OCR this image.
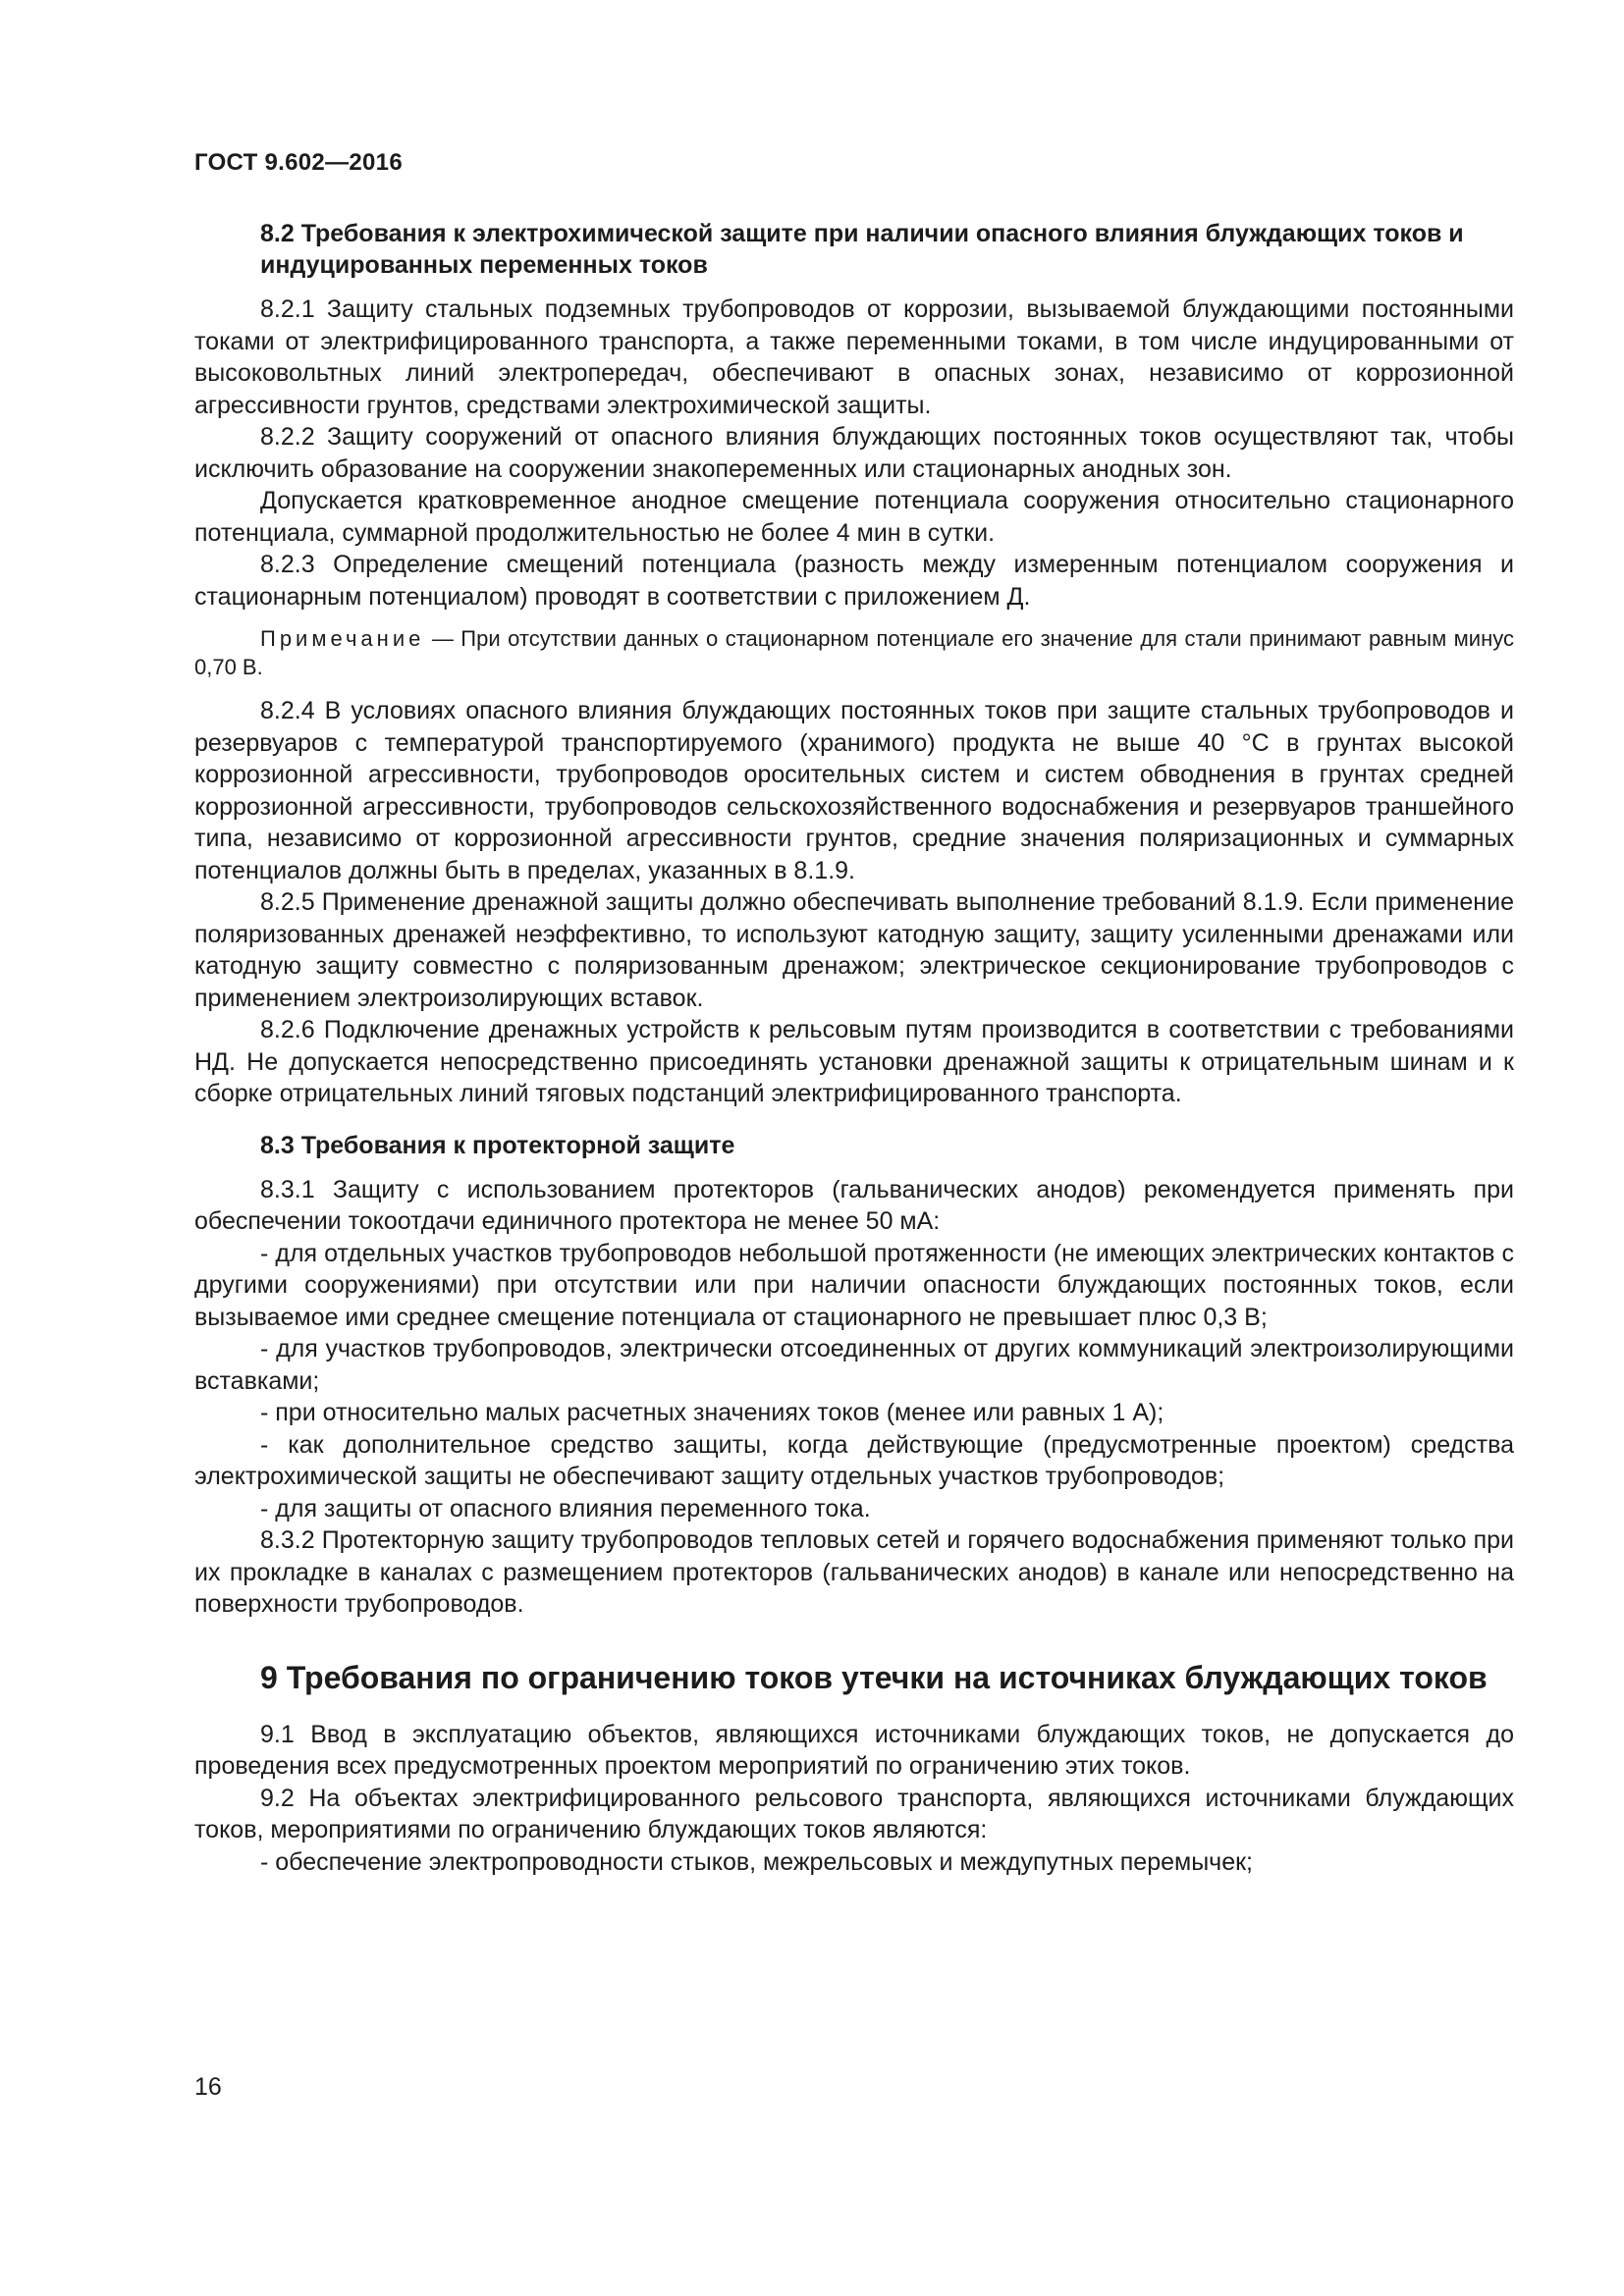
ГОСТ 9.602—2016
8.2 Требования к электрохимической защите при наличии опасного влияния блуждающих токов и индуцированных переменных токов

8.2.1 Защиту стальных подземных трубопроводов от коррозии, вызываемой блуждающими постоянными токами от электрифицированного транспорта, а также переменными токами, в том числе индуцированными от высоковольтных линий электропередач, обеспечивают в опасных зонах, независимо от коррозионной агрессивности грунтов, средствами электрохимической защиты.

8.2.2 Защиту сооружений от опасного влияния блуждающих постоянных токов осуществляют так, чтобы исключить образование на сооружении знакопеременных или стационарных анодных зон.

Допускается кратковременное анодное смещение потенциала сооружения относительно стационарного потенциала, суммарной продолжительностью не более 4 мин в сутки.

8.2.3 Определение смещений потенциала (разность между измеренным потенциалом сооружения и стационарным потенциалом) проводят в соответствии с приложением Д.

Примечание — При отсутствии данных о стационарном потенциале его значение для стали принимают равным минус 0,70 В.

8.2.4 В условиях опасного влияния блуждающих постоянных токов при защите стальных трубопроводов и резервуаров с температурой транспортируемого (хранимого) продукта не выше 40 °С в грунтах высокой коррозионной агрессивности, трубопроводов оросительных систем и систем обводнения в грунтах средней коррозионной агрессивности, трубопроводов сельскохозяйственного водоснабжения и резервуаров траншейного типа, независимо от коррозионной агрессивности грунтов, средние значения поляризационных и суммарных потенциалов должны быть в пределах, указанных в 8.1.9.

8.2.5 Применение дренажной защиты должно обеспечивать выполнение требований 8.1.9. Если применение поляризованных дренажей неэффективно, то используют катодную защиту, защиту усиленными дренажами или катодную защиту совместно с поляризованным дренажом; электрическое секционирование трубопроводов с применением электроизолирующих вставок.

8.2.6 Подключение дренажных устройств к рельсовым путям производится в соответствии с требованиями НД. Не допускается непосредственно присоединять установки дренажной защиты к отрицательным шинам и к сборке отрицательных линий тяговых подстанций электрифицированного транспорта.

8.3 Требования к протекторной защите

8.3.1 Защиту с использованием протекторов (гальванических анодов) рекомендуется применять при обеспечении токоотдачи единичного протектора не менее 50 мА:

- для отдельных участков трубопроводов небольшой протяженности (не имеющих электрических контактов с другими сооружениями) при отсутствии или при наличии опасности блуждающих постоянных токов, если вызываемое ими среднее смещение потенциала от стационарного не превышает плюс 0,3 В;

- для участков трубопроводов, электрически отсоединенных от других коммуникаций электроизолирующими вставками;

- при относительно малых расчетных значениях токов (менее или равных 1 А);

- как дополнительное средство защиты, когда действующие (предусмотренные проектом) средства электрохимической защиты не обеспечивают защиту отдельных участков трубопроводов;

- для защиты от опасного влияния переменного тока.

8.3.2 Протекторную защиту трубопроводов тепловых сетей и горячего водоснабжения применяют только при их прокладке в каналах с размещением протекторов (гальванических анодов) в канале или непосредственно на поверхности трубопроводов.

9 Требования по ограничению токов утечки на источниках блуждающих токов

9.1 Ввод в эксплуатацию объектов, являющихся источниками блуждающих токов, не допускается до проведения всех предусмотренных проектом мероприятий по ограничению этих токов.

9.2 На объектах электрифицированного рельсового транспорта, являющихся источниками блуждающих токов, мероприятиями по ограничению блуждающих токов являются:

- обеспечение электропроводности стыков, межрельсовых и междупутных перемычек;

16
